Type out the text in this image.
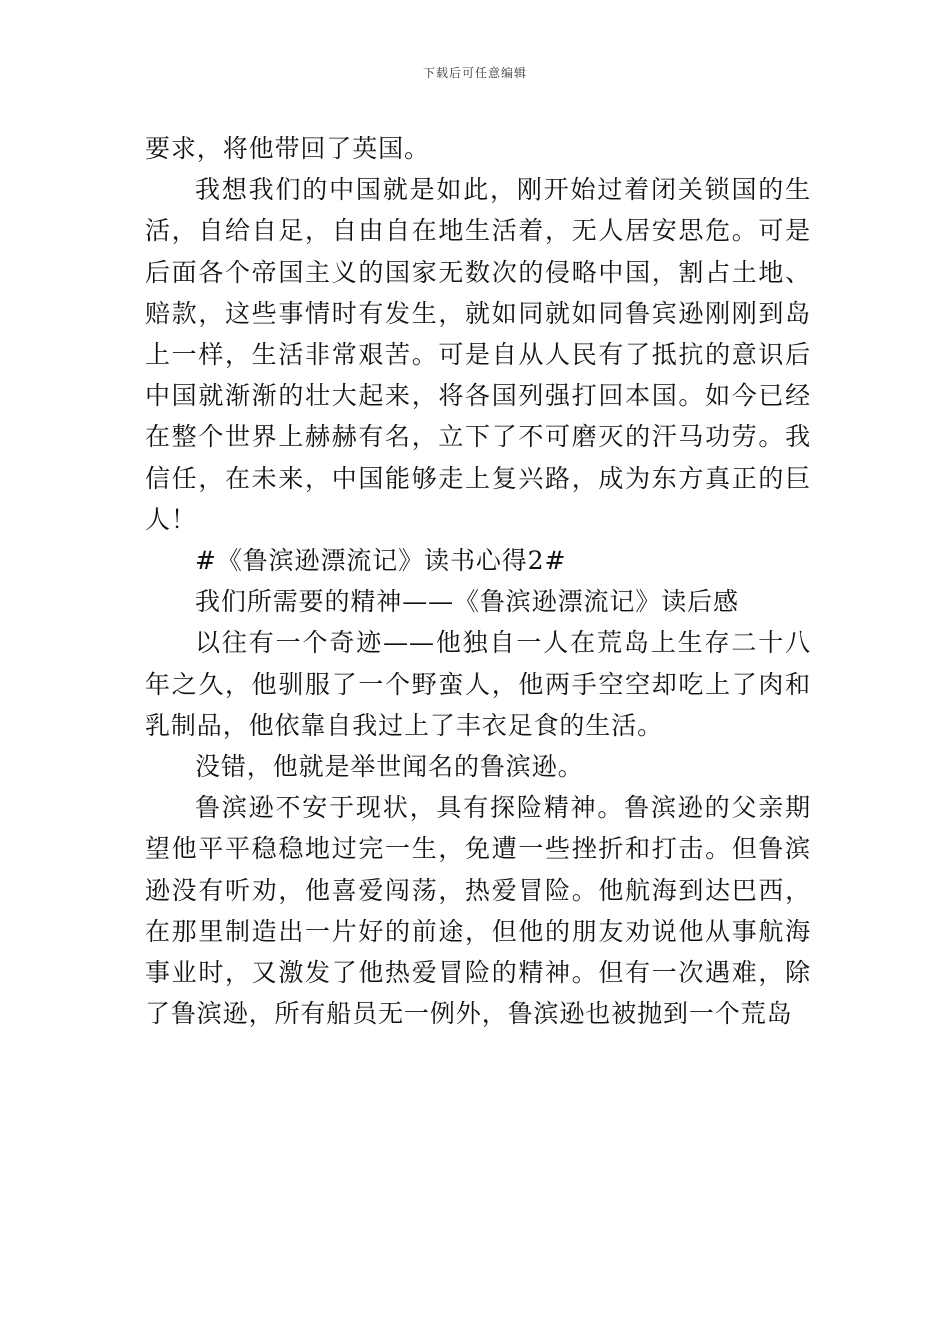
下载后可任意编辑

要求，将他带回了英国。

我想我们的中国就是如此，刚开始过着闭关锁国的生活，自给自足，自由自在地生活着，无人居安思危。可是后面各个帝国主义的国家无数次的侵略中国，割占土地、赔款，这些事情时有发生，就如同就如同鲁宾逊刚刚到岛上一样，生活非常艰苦。可是自从人民有了抵抗的意识后中国就渐渐的壮大起来，将各国列强打回本国。如今已经在整个世界上赫赫有名，立下了不可磨灭的汗马功劳。我信任，在未来，中国能够走上复兴路，成为东方真正的巨人！

#《鲁滨逊漂流记》读书心得2#

我们所需要的精神——《鲁滨逊漂流记》读后感

以往有一个奇迹——他独自一人在荒岛上生存二十八年之久，他驯服了一个野蛮人，他两手空空却吃上了肉和乳制品，他依靠自我过上了丰衣足食的生活。

没错，他就是举世闻名的鲁滨逊。

鲁滨逊不安于现状，具有探险精神。鲁滨逊的父亲期望他平平稳稳地过完一生，免遭一些挫折和打击。但鲁滨逊没有听劝，他喜爱闯荡，热爱冒险。他航海到达巴西，在那里制造出一片好的前途，但他的朋友劝说他从事航海事业时，又激发了他热爱冒险的精神。但有一次遇难，除了鲁滨逊，所有船员无一例外，鲁滨逊也被抛到一个荒岛
